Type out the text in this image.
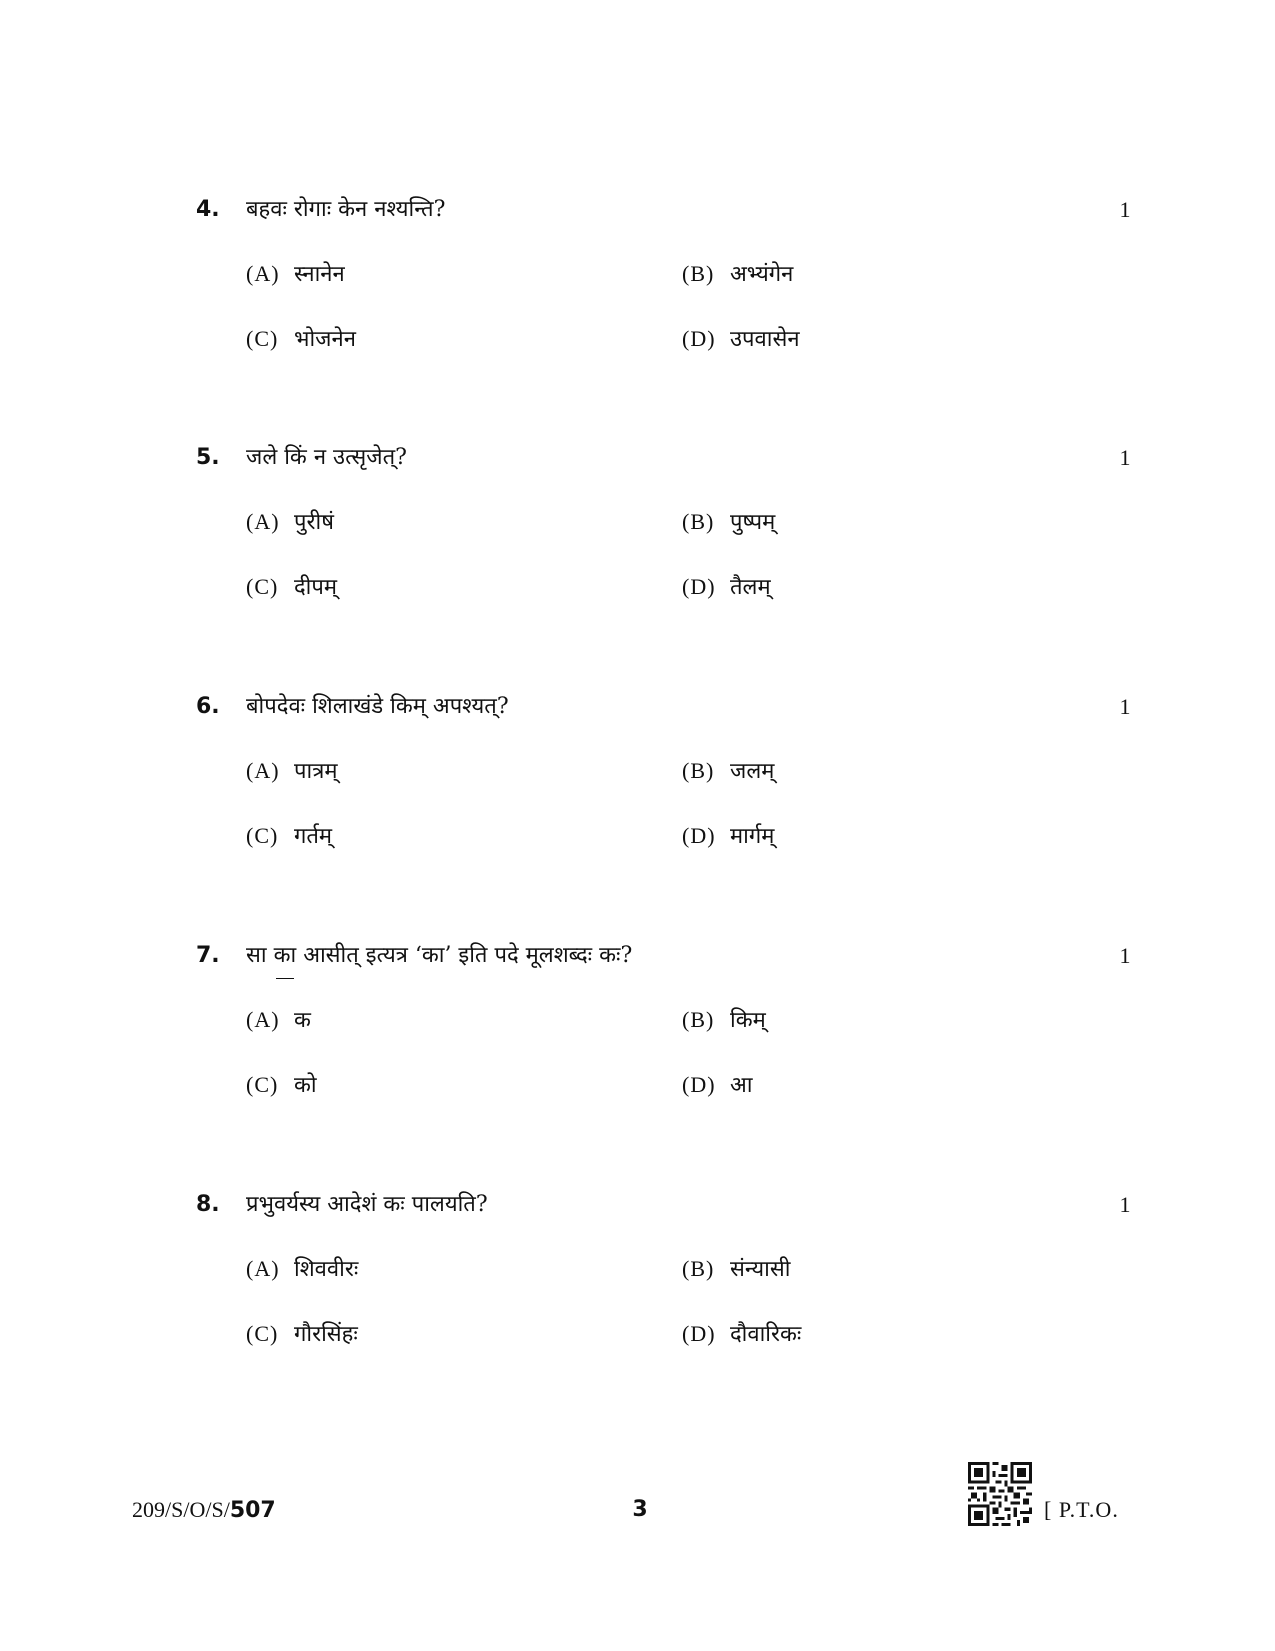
4. बहवः रोगाः केन नश्यन्ति?	1
(A) स्नानेन	(B) अभ्यंगेन
(C) भोजनेन	(D) उपवासेन
5. जले किं न उत्सृजेत्?	1
(A) पुरीषं	(B) पुष्पम्
(C) दीपम्	(D) तैलम्
6. बोपदेवः शिलाखंडे किम् अपश्यत्?	1
(A) पात्रम्	(B) जलम्
(C) गर्तम्	(D) मार्गम्
7. सा का आसीत् इत्यत्र ‘का’ इति पदे मूलशब्दः कः?	1
(A) क	(B) किम्
(C) को	(D) आ
8. प्रभुवर्यस्य आदेशं कः पालयति?	1
(A) शिववीरः	(B) संन्यासी
(C) गौरसिंहः	(D) दौवारिकः
209/S/O/S/507	3	[ P.T.O.
